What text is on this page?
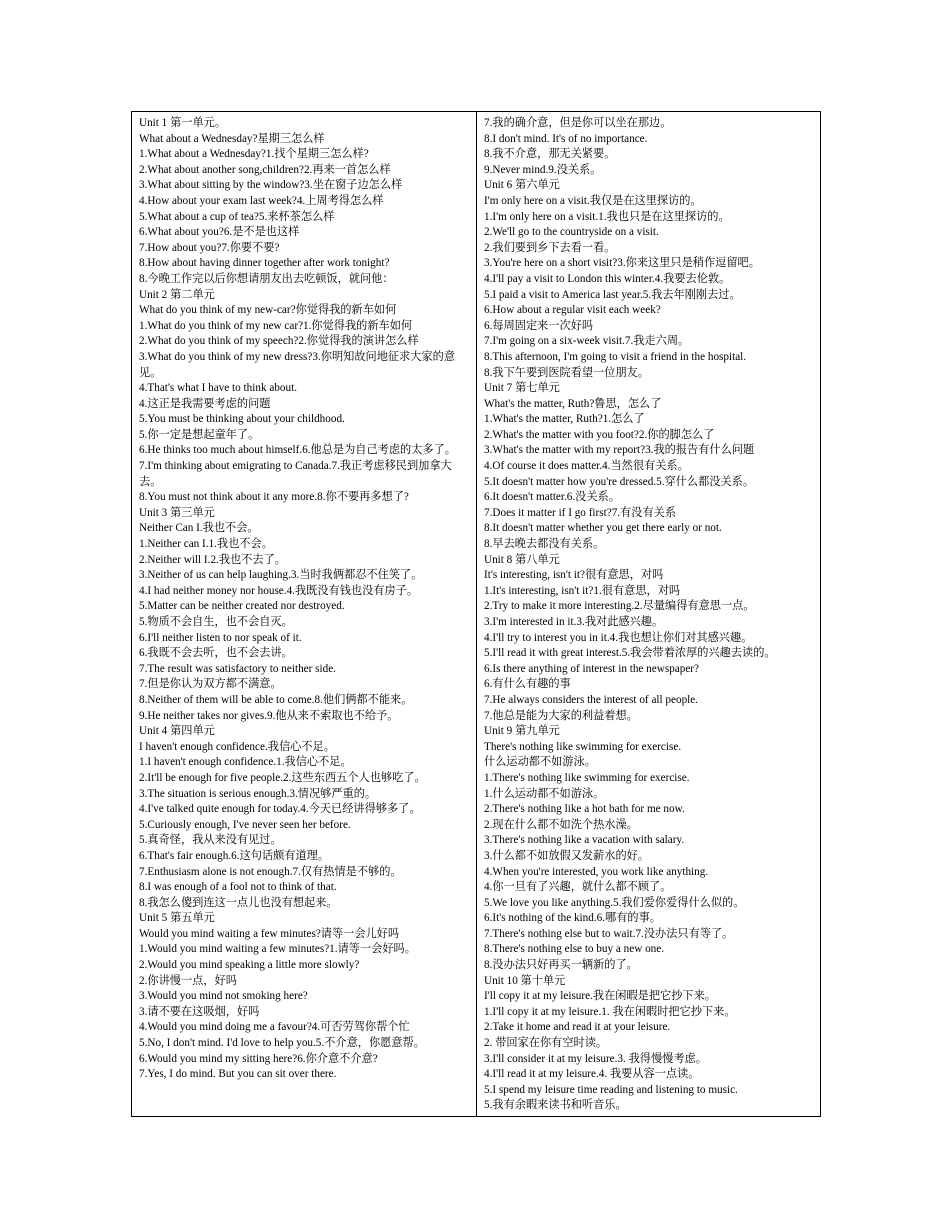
Unit 1 第一单元。
What about a Wednesday?星期三怎么样
1.What about a Wednesday?1.找个星期三怎么样?
2.What about another song,children?2.再来一首怎么样
3.What about sitting by the window?3.坐在窗子边怎么样
4.How about your exam last week?4.上周考得怎么样
5.What about a cup of tea?5.来杯茶怎么样
6.What about you?6.是不是也这样
7.How about you?7.你要不要?
8.How about having dinner together after work tonight?
8.今晚工作完以后你想请朋友出去吃顿饭，就问他：
Unit 2 第二单元
What do you think of my new-car?你觉得我的新车如何
1.What do you think of my new car?1.你觉得我的新车如何
2.What do you think of my speech?2.你觉得我的演讲怎么样
3.What do you think of my new dress?3.你明知故问地征求大家的意见。
4.That's what I have to think about.
4.这正是我需要考虑的问题
5.You must be thinking about your childhood.
5.你一定是想起童年了。
6.He thinks too much about himself.6.他总是为自己考虑的太多了。
7.I'm thinking about emigrating to Canada.7.我正考虑移民到加拿大去。
8.You must not think about it any more.8.你不要再多想了?
Unit 3 第三单元
Neither Can I.我也不会。
1.Neither can I.1.我也不会。
2.Neither will I.2.我也不去了。
3.Neither of us can help laughing.3.当时我俩都忍不住笑了。
4.I had neither money nor house.4.我既没有钱也没有房子。
5.Matter can be neither created nor destroyed.
5.物质不会自生，也不会自灭。
6.I'll neither listen to nor speak of it.
6.我既不会去听，也不会去讲。
7.The result was satisfactory to neither side.
7.但是你认为双方都不满意。
8.Neither of them will be able to come.8.他们俩都不能来。
9.He neither takes nor gives.9.他从来不索取也不给予。
Unit 4 第四单元
I haven't enough confidence.我信心不足。
1.I haven't enough confidence.1.我信心不足。
2.It'll be enough for five people.2.这些东西五个人也够吃了。
3.The situation is serious enough.3.情况够严重的。
4.I've talked quite enough for today.4.今天已经讲得够多了。
5.Curiously enough, I've never seen her before.
5.真奇怪，我从来没有见过。
6.That's fair enough.6.这句话颇有道理。
7.Enthusiasm alone is not enough.7.仅有热情是不够的。
8.I was enough of a fool not to think of that.
8.我怎么傻到连这一点儿也没有想起来。
Unit 5 第五单元
Would you mind waiting a few minutes?请等一会儿好吗
1.Would you mind waiting a few minutes?1.请等一会好吗。
2.Would you mind speaking a little more slowly?
2.你讲慢一点，好吗
3.Would you mind not smoking here?
3.请不要在这吸烟，好吗
4.Would you mind doing me a favour?4.可否劳驾你帮个忙
5.No, I don't mind. I'd love to help you.5.不介意，你愿意帮。
6.Would you mind my sitting here?6.你介意不介意?
7.Yes, I do mind. But you can sit over there.
7.我的确介意，但是你可以坐在那边。
8.I don't mind. It's of no importance.
8.我不介意，那无关紧要。
9.Never mind.9.没关系。
Unit 6 第六单元
I'm only here on a visit.我仅是在这里探访的。
1.I'm only here on a visit.1.我也只是在这里探访的。
2.We'll go to the countryside on a visit.
2.我们要到乡下去看一看。
3.You're here on a short visit?3.你来这里只是稍作逗留吧。
4.I'll pay a visit to London this winter.4.我要去伦敦。
5.I paid a visit to America last year.5.我去年刚刚去过。
6.How about a regular visit each week?
6.每周固定来一次好吗
7.I'm going on a six-week visit.7.我走六周。
8.This afternoon, I'm going to visit a friend in the hospital.
8.我下午要到医院看望一位朋友。
Unit 7 第七单元
What's the matter, Ruth?鲁思，怎么了
1.What's the matter, Ruth?1.怎么了
2.What's the matter with you foot?2.你的脚怎么了
3.What's the matter with my report?3.我的报告有什么问题
4.Of course it does matter.4.当然很有关系。
5.It doesn't matter how you're dressed.5.穿什么都没关系。
6.It doesn't matter.6.没关系。
7.Does it matter if I go first?7.有没有关系
8.It doesn't matter whether you get there early or not.
8.早去晚去都没有关系。
Unit 8 第八单元
It's interesting, isn't it?很有意思，对吗
1.It's interesting, isn't it?1.很有意思，对吗
2.Try to make it more interesting.2.尽量编得有意思一点。
3.I'm interested in it.3.我对此感兴趣。
4.I'll try to interest you in it.4.我也想让你们对其感兴趣。
5.I'll read it with great interest.5.我会带着浓厚的兴趣去读的。
6.Is there anything of interest in the newspaper?
6.有什么有趣的事
7.He always considers the interest of all people.
7.他总是能为大家的利益着想。
Unit 9 第九单元
There's nothing like swimming for exercise.
什么运动都不如游泳。
1.There's nothing like swimming for exercise.
1.什么运动都不如游泳。
2.There's nothing like a hot bath for me now.
2.现在什么都不如洗个热水澡。
3.There's nothing like a vacation with salary.
3.什么都不如放假又发薪水的好。
4.When you're interested, you work like anything.
4.你一旦有了兴趣，就什么都不顾了。
5.We love you like anything.5.我们爱你爱得什么似的。
6.It's nothing of the kind.6.哪有的事。
7.There's nothing else but to wait.7.没办法只有等了。
8.There's nothing else to buy a new one.
8.没办法只好再买一辆新的了。
Unit 10 第十单元
I'll copy it at my leisure.我在闲暇是把它抄下来。
1.I'll copy it at my leisure.1. 我在闲暇时把它抄下来。
2.Take it home and read it at your leisure.
2. 带回家在你有空时读。
3.I'll consider it at my leisure.3. 我得慢慢考虑。
4.I'll read it at my leisure.4. 我要从容一点读。
5.I spend my leisure time reading and listening to music.
5.我有余暇来读书和听音乐。
